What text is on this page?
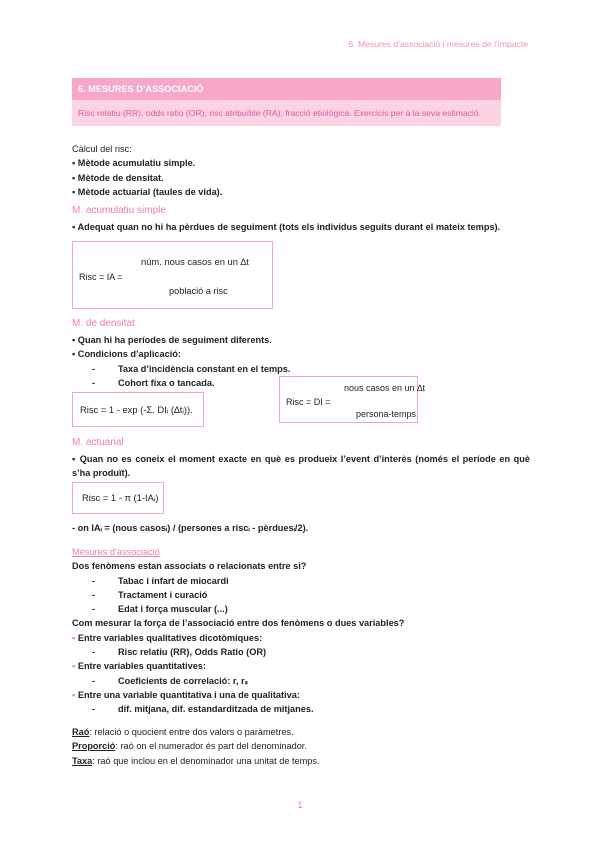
6. Mesures d’associació i mesures de l’impacte
6. MESURES D’ASSOCIACIÓ
Risc relatiu (RR), odds ratio (OR), risc atribuïble (RA), fracció etiològica. Exercicis per a la seva estimació.
Càlcul del risc:
▪ Mètode acumulatiu simple.
▪ Mètode de densitat.
▪ Mètode actuarial (taules de vida).
M. acumulatiu simple
▪ Adequat quan no hi ha pèrdues de seguiment (tots els individus seguits durant el mateix temps).
núm. nous casos en un ∆t
Risc = IA =
població a risc
M. de densitat
▪ Quan hi ha períodes de seguiment diferents.
▪ Condicions d’aplicació:
- Taxa d’incidència constant en el temps.
- Cohort fixa o tancada.
Risc = 1 - exp (-Σ. DIᵢ (∆tᵢ)).
nous casos en un ∆t
Risc = DI =
persona-temps
M. actuarial
▪ Quan no es coneix el moment exacte en què es produeix l’event d’interès (només el període en què s’ha produït).
Risc = 1 - π (1-IAᵢ)
- on IAᵢ = (nous casosᵢ) / (persones a riscᵢ - pèrduesᵢ/2).
Mesures d’associació
Dos fenòmens estan associats o relacionats entre si?
- Tabac i infart de miocardi
- Tractament i curació
- Edat i força muscular (...)
Com mesurar la força de l’associació entre dos fenòmens o dues variables?
▪ Entre variables qualitatives dicotòmiques:
- Risc relatiu (RR), Odds Ratio (OR)
▪ Entre variables quantitatives:
- Coeficients de correlació: r, rₛ
▪ Entre una variable quantitativa i una de qualitativa:
- dif. mitjana, dif. estandarditzada de mitjanes.
Raó: relació o quocient entre dos valors o paràmetres.
Proporció: raó on el numerador és part del denominador.
Taxa: raó que inclou en el denominador una unitat de temps.
1
